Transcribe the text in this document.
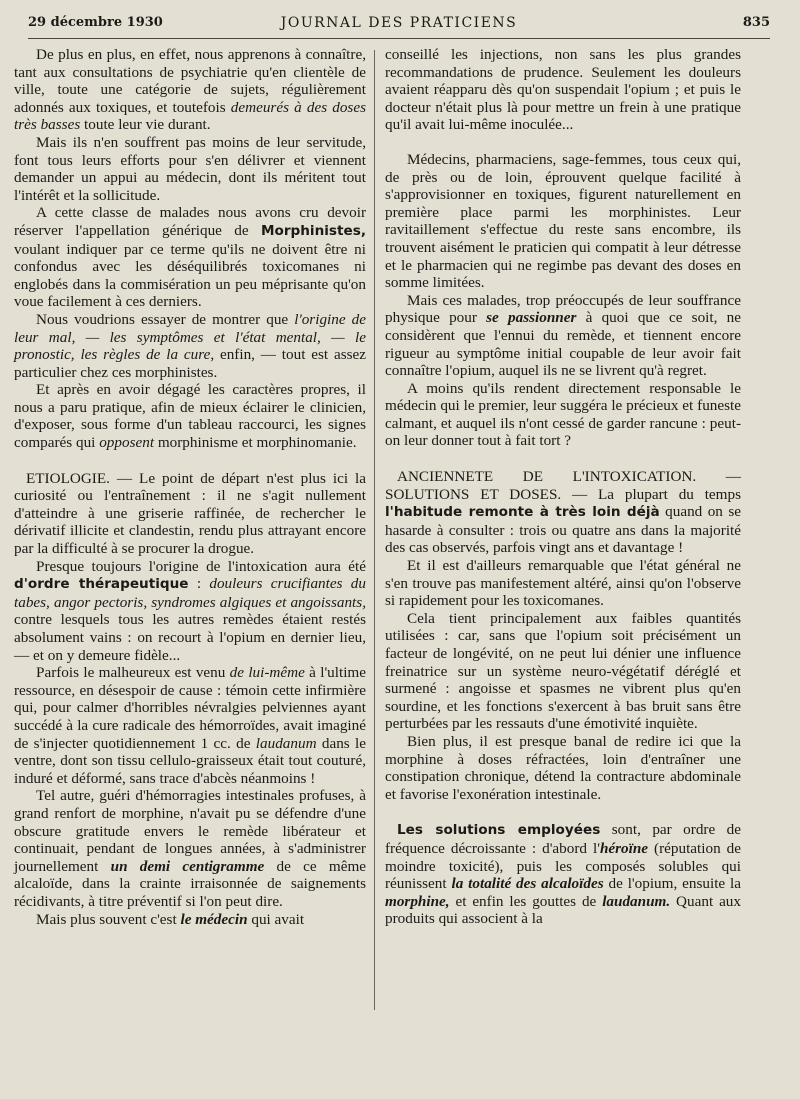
29 décembre 1930	JOURNAL DES PRATICIENS	835

De plus en plus, en effet, nous apprenons à connaître, tant aux consultations de psychiatrie qu'en clientèle de ville, toute une catégorie de sujets, régulièrement adonnés aux toxiques, et toutefois demeurés à des doses très basses toute leur vie durant.

Mais ils n'en souffrent pas moins de leur servitude, font tous leurs efforts pour s'en délivrer et viennent demander un appui au médecin, dont ils méritent tout l'intérêt et la sollicitude.

A cette classe de malades nous avons cru devoir réserver l'appellation générique de Morphinistes, voulant indiquer par ce terme qu'ils ne doivent être ni confondus avec les déséquilibrés toxicomanes ni englobés dans la commisération un peu méprisante qu'on voue facilement à ces derniers.

Nous voudrions essayer de montrer que l'origine de leur mal, — les symptômes et l'état mental, — le pronostic, les règles de la cure, enfin, — tout est assez particulier chez ces morphinistes.

Et après en avoir dégagé les caractères propres, il nous a paru pratique, afin de mieux éclairer le clinicien, d'exposer, sous forme d'un tableau raccourci, les signes comparés qui opposent morphinisme et morphinomanie.

ETIOLOGIE. — Le point de départ n'est plus ici la curiosité ou l'entraînement : il ne s'agit nullement d'atteindre à une griserie raffinée, de rechercher le dérivatif illicite et clandestin, rendu plus attrayant encore par la difficulté à se procurer la drogue.

Presque toujours l'origine de l'intoxication aura été d'ordre thérapeutique : douleurs crucifiantes du tabes, angor pectoris, syndromes algiques et angoissants, contre lesquels tous les autres remèdes étaient restés absolument vains : on recourt à l'opium en dernier lieu, — et on y demeure fidèle...

Parfois le malheureux est venu de lui-même à l'ultime ressource, en désespoir de cause : témoin cette infirmière qui, pour calmer d'horribles névralgies pelviennes ayant succédé à la cure radicale des hémorroïdes, avait imaginé de s'injecter quotidiennement 1 cc. de laudanum dans le ventre, dont son tissu cellulo-graisseux était tout couturé, induré et déformé, sans trace d'abcès néanmoins !

Tel autre, guéri d'hémorragies intestinales profuses, à grand renfort de morphine, n'avait pu se défendre d'une obscure gratitude envers le remède libérateur et continuait, pendant de longues années, à s'administrer journellement un demi centigramme de ce même alcaloïde, dans la crainte irraisonnée de saignements récidivants, à titre préventif si l'on peut dire.

Mais plus souvent c'est le médecin qui avait

conseillé les injections, non sans les plus grandes recommandations de prudence. Seulement les douleurs avaient réapparu dès qu'on suspendait l'opium ; et puis le docteur n'était plus là pour mettre un frein à une pratique qu'il avait lui-même inoculée...

Médecins, pharmaciens, sage-femmes, tous ceux qui, de près ou de loin, éprouvent quelque facilité à s'approvisionner en toxiques, figurent naturellement en première place parmi les morphinistes. Leur ravitaillement s'effectue du reste sans encombre, ils trouvent aisément le praticien qui compatit à leur détresse et le pharmacien qui ne regimbe pas devant des doses en somme limitées.

Mais ces malades, trop préoccupés de leur souffrance physique pour se passionner à quoi que ce soit, ne considèrent que l'ennui du remède, et tiennent encore rigueur au symptôme initial coupable de leur avoir fait connaître l'opium, auquel ils ne se livrent qu'à regret.

A moins qu'ils rendent directement responsable le médecin qui le premier, leur suggéra le précieux et funeste calmant, et auquel ils n'ont cessé de garder rancune : peut-on leur donner tout à fait tort ?

ANCIENNETE DE L'INTOXICATION. — SOLUTIONS ET DOSES. — La plupart du temps l'habitude remonte à très loin déjà quand on se hasarde à consulter : trois ou quatre ans dans la majorité des cas observés, parfois vingt ans et davantage !

Et il est d'ailleurs remarquable que l'état général ne s'en trouve pas manifestement altéré, ainsi qu'on l'observe si rapidement pour les toxicomanes.

Cela tient principalement aux faibles quantités utilisées : car, sans que l'opium soit précisément un facteur de longévité, on ne peut lui dénier une influence freinatrice sur un système neuro-végétatif déréglé et surmené : angoisse et spasmes ne vibrent plus qu'en sourdine, et les fonctions s'exercent à bas bruit sans être perturbées par les ressauts d'une émotivité inquiète.

Bien plus, il est presque banal de redire ici que la morphine à doses réfractées, loin d'entraîner une constipation chronique, détend la contracture abdominale et favorise l'exonération intestinale.

Les solutions employées sont, par ordre de fréquence décroissante : d'abord l'héroïne (réputation de moindre toxicité), puis les composés solubles qui réunissent la totalité des alcaloïdes de l'opium, ensuite la morphine, et enfin les gouttes de laudanum. Quant aux produits qui associent à la
